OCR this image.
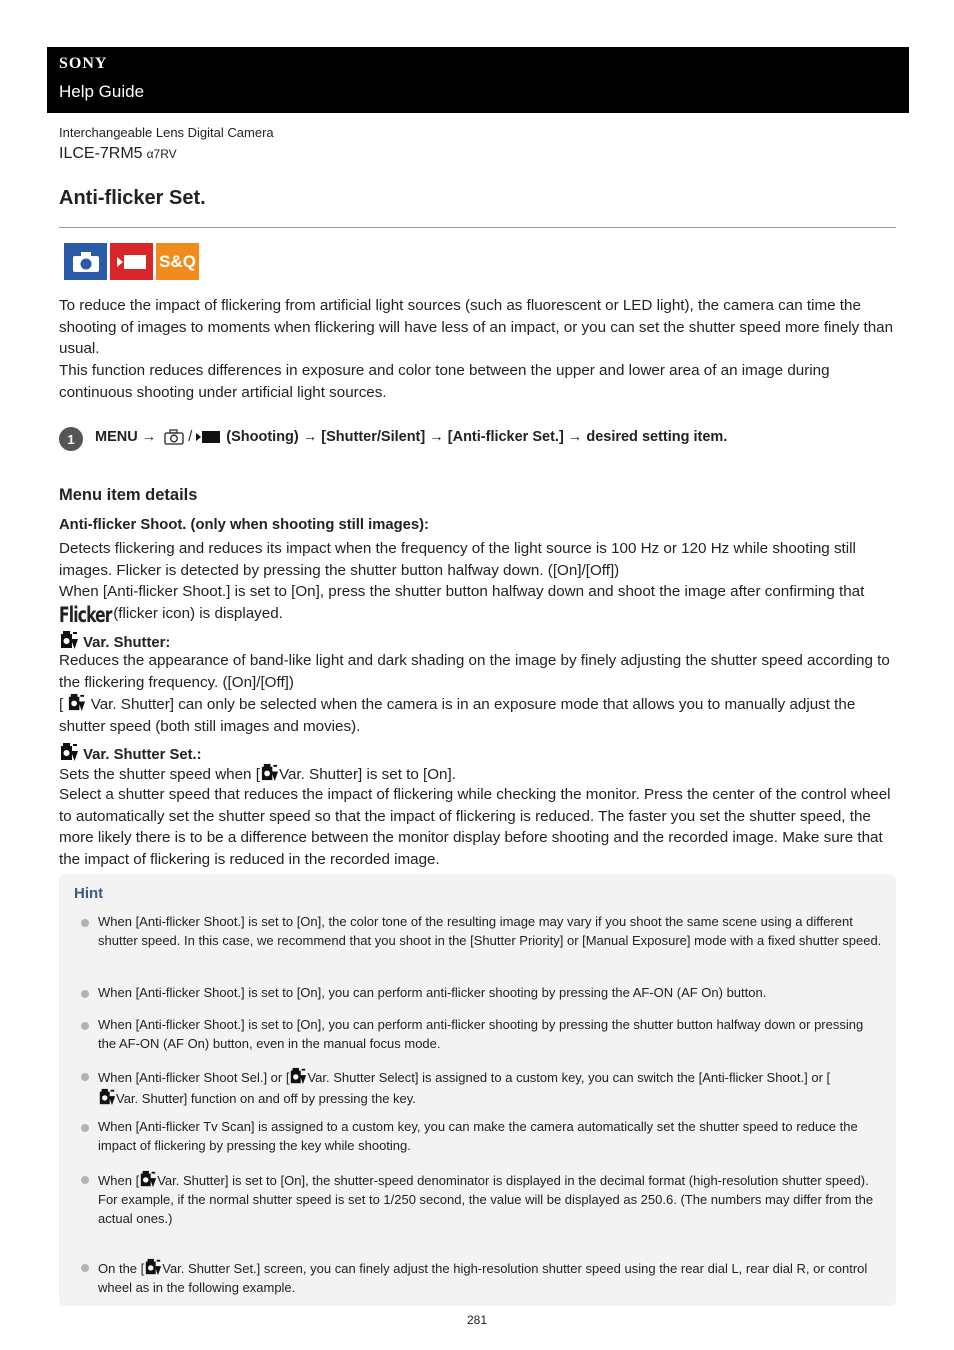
SONY
Help Guide
Interchangeable Lens Digital Camera
ILCE-7RM5 α7RV
Anti-flicker Set.
S&Q
To reduce the impact of flickering from artificial light sources (such as fluorescent or LED light), the camera can time the shooting of images to moments when flickering will have less of an impact, or you can set the shutter speed more finely than usual.
This function reduces differences in exposure and color tone between the upper and lower area of an image during continuous shooting under artificial light sources.
1	MENU → / (Shooting) → [Shutter/Silent] → [Anti-flicker Set.] → desired setting item.
Menu item details
Anti-flicker Shoot. (only when shooting still images):
Detects flickering and reduces its impact when the frequency of the light source is 100 Hz or 120 Hz while shooting still images. Flicker is detected by pressing the shutter button halfway down. ([On]/[Off])
When [Anti-flicker Shoot.] is set to [On], press the shutter button halfway down and shoot the image after confirming that
Flicker (flicker icon) is displayed.
Var. Shutter:
Reduces the appearance of band-like light and dark shading on the image by finely adjusting the shutter speed according to the flickering frequency. ([On]/[Off])
[ Var. Shutter] can only be selected when the camera is in an exposure mode that allows you to manually adjust the
shutter speed (both still images and movies).
Var. Shutter Set.:
Sets the shutter speed when [ Var. Shutter] is set to [On].
Select a shutter speed that reduces the impact of flickering while checking the monitor. Press the center of the control wheel to automatically set the shutter speed so that the impact of flickering is reduced. The faster you set the shutter speed, the more likely there is to be a difference between the monitor display before shooting and the recorded image. Make sure that the impact of flickering is reduced in the recorded image.
Hint
When [Anti-flicker Shoot.] is set to [On], the color tone of the resulting image may vary if you shoot the same scene using a different shutter speed. In this case, we recommend that you shoot in the [Shutter Priority] or [Manual Exposure] mode with a fixed shutter speed.
When [Anti-flicker Shoot.] is set to [On], you can perform anti-flicker shooting by pressing the AF-ON (AF On) button.
When [Anti-flicker Shoot.] is set to [On], you can perform anti-flicker shooting by pressing the shutter button halfway down or pressing the AF-ON (AF On) button, even in the manual focus mode.
When [Anti-flicker Shoot Sel.] or [ Var. Shutter Select] is assigned to a custom key, you can switch the [Anti-flicker Shoot.] or [
Var. Shutter] function on and off by pressing the key.
When [Anti-flicker Tv Scan] is assigned to a custom key, you can make the camera automatically set the shutter speed to reduce the impact of flickering by pressing the key while shooting.
When [ Var. Shutter] is set to [On], the shutter-speed denominator is displayed in the decimal format (high-resolution shutter speed).
For example, if the normal shutter speed is set to 1/250 second, the value will be displayed as 250.6. (The numbers may differ from the actual ones.)
On the [ Var. Shutter Set.] screen, you can finely adjust the high-resolution shutter speed using the rear dial L, rear dial R, or control wheel as in the following example.
281
